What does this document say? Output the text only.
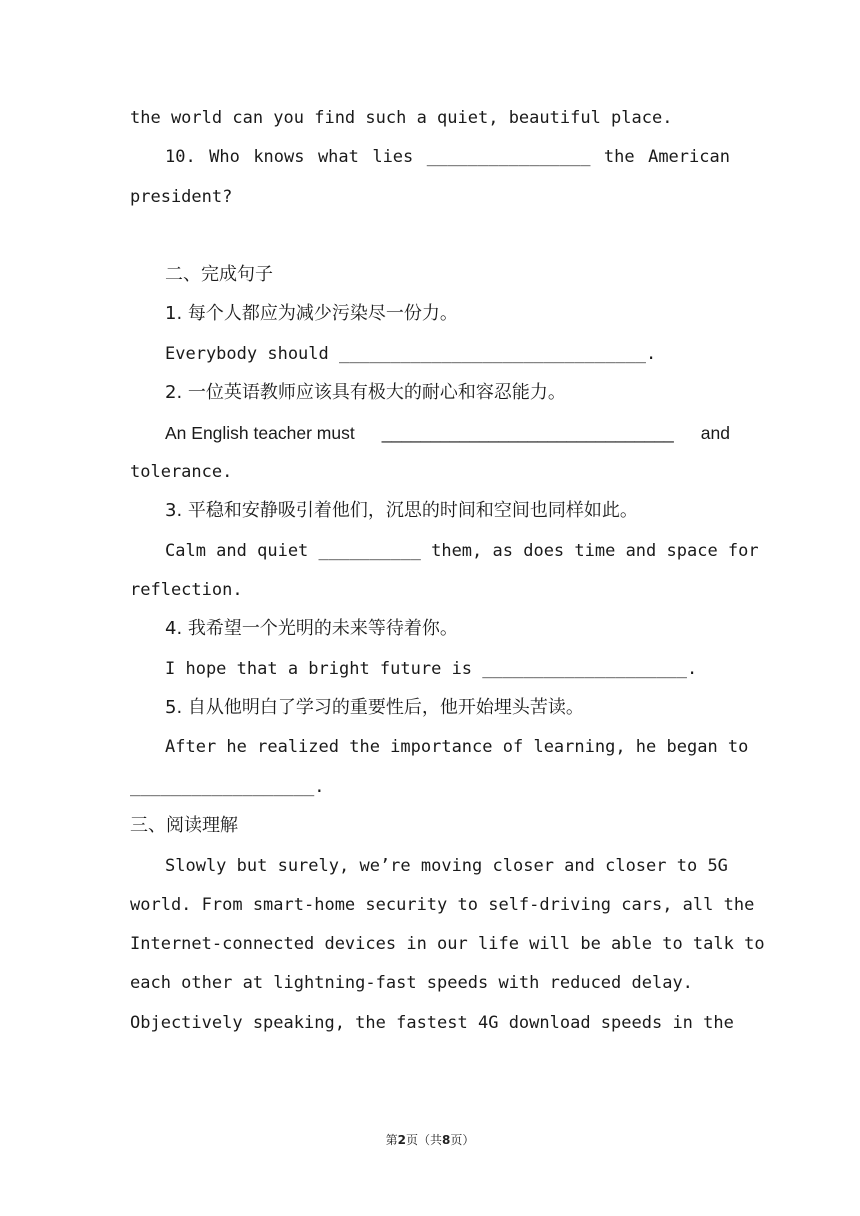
the world can you find such a quiet, beautiful place.
10. Who knows what lies ________________ the American
president?
二、完成句子
1. 每个人都应为减少污染尽一份力。
Everybody should ______________________________.
2. 一位英语教师应该具有极大的耐心和容忍能力。
An English teacher must ______________________________ and
tolerance.
3. 平稳和安静吸引着他们，沉思的时间和空间也同样如此。
Calm and quiet __________ them, as does time and space for
reflection.
4. 我希望一个光明的未来等待着你。
I hope that a bright future is ____________________.
5. 自从他明白了学习的重要性后，他开始埋头苦读。
After he realized the importance of learning, he began to
__________________.
三、阅读理解
Slowly but surely, we’re moving closer and closer to 5G
world. From smart-home security to self-driving cars, all the
Internet-connected devices in our life will be able to talk to
each other at lightning-fast speeds with reduced delay.
Objectively speaking, the fastest 4G download speeds in the
第2页（共8页）
